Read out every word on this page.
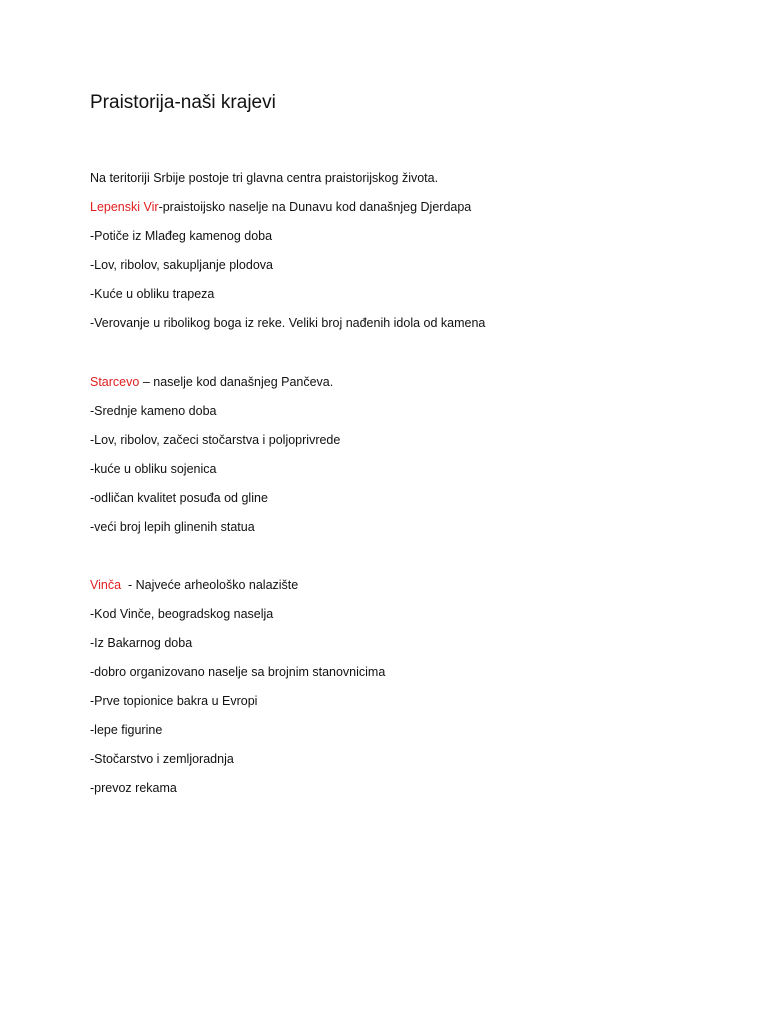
Praistorija-naši krajevi
Na teritoriji Srbije postoje tri glavna centra praistorijskog života.
Lepenski Vir-praistoijsko naselje na Dunavu kod današnjeg Djerdapa
-Potiče iz Mlađeg kamenog doba
-Lov, ribolov, sakupljanje plodova
-Kuće u obliku trapeza
-Verovanje u ribolikog boga iz reke. Veliki broj nađenih idola od kamena
Starcevo – naselje kod današnjeg Pančeva.
-Srednje kameno doba
-Lov, ribolov, začeci stočarstva i poljoprivrede
-kuće u obliku sojenica
-odličan kvalitet posuđa od gline
-veći broj lepih glinenih statua
Vinča  - Najveće arheološko nalazište
-Kod Vinče, beogradskog naselja
-Iz Bakarnog doba
-dobro organizovano naselje sa brojnim stanovnicima
-Prve topionice bakra u Evropi
-lepe figurine
-Stočarstvo i zemljoradnja
-prevoz rekama
